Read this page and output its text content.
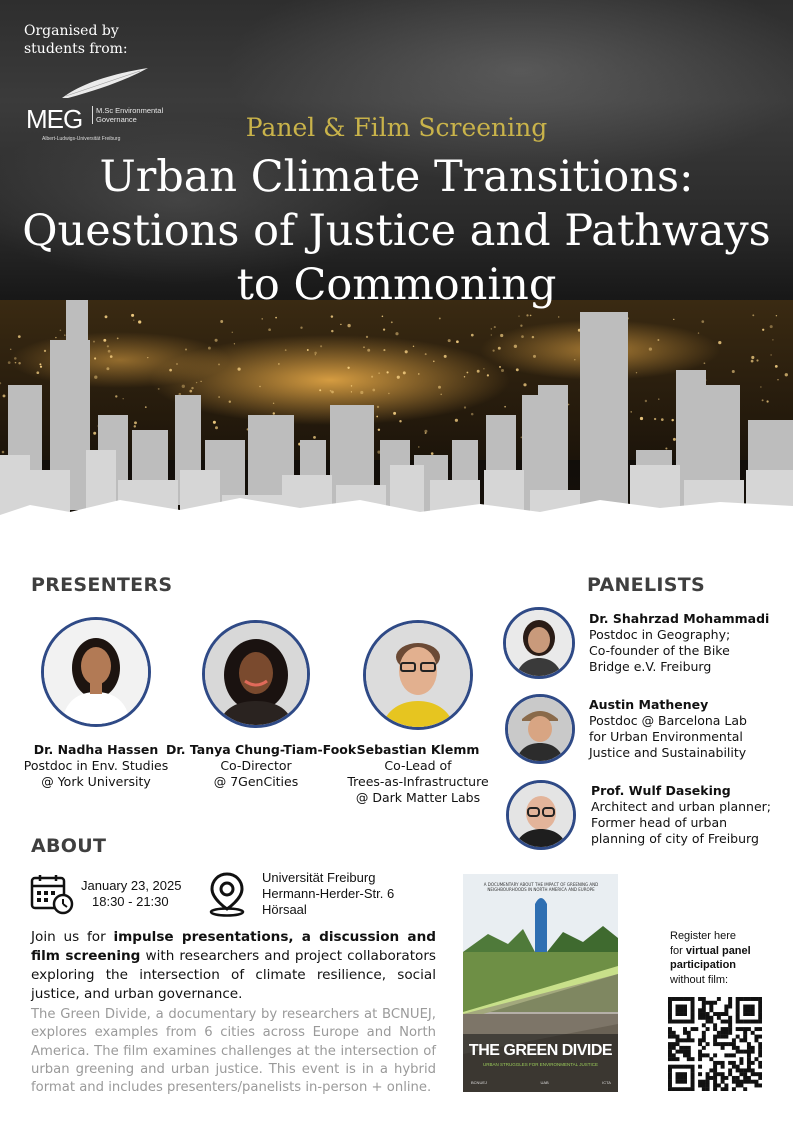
Organised by students from:
MEG	M.Sc Environmental Governance
Albert-Ludwigs-Universität Freiburg	Panel & Film Screening
Urban Climate Transitions: Questions of Justice and Pathways to Commoning
PRESENTERS
Dr. Nadha Hassen
Postdoc in Env. Studies
@ York University
Dr. Tanya Chung-Tiam-Fook
Co-Director
@ 7GenCities
Sebastian Klemm
Co-Lead of
Trees-as-Infrastructure
@ Dark Matter Labs
PANELISTS
Dr. Shahrzad Mohammadi
Postdoc in Geography;
Co-founder of the Bike
Bridge e.V. Freiburg
Austin Matheney
Postdoc @ Barcelona Lab
for Urban Environmental
Justice and Sustainability
Prof. Wulf Daseking
Architect and urban planner;
Former head of urban
planning of city of Freiburg
ABOUT
January 23, 2025
18:30 - 21:30
Universität Freiburg
Hermann-Herder-Str. 6
Hörsaal
Join us for impulse presentations, a discussion and film screening with researchers and project collaborators exploring the intersection of climate resilience, social justice, and urban governance.
The Green Divide, a documentary by researchers at BCNUEJ, explores examples from 6 cities across Europe and North America. The film examines challenges at the intersection of urban greening and urban justice. This event is in a hybrid format and includes presenters/panelists in-person + online.
A DOCUMENTARY ABOUT THE IMPACT OF GREENING AND NEIGHBOURHOODS IN NORTH AMERICA AND EUROPE
THE GREEN DIVIDE
URBAN STRUGGLES FOR ENVIRONMENTAL JUSTICE
BCNUEJ	UAB	ICTA
Register here
for virtual panel
participation
without film:
